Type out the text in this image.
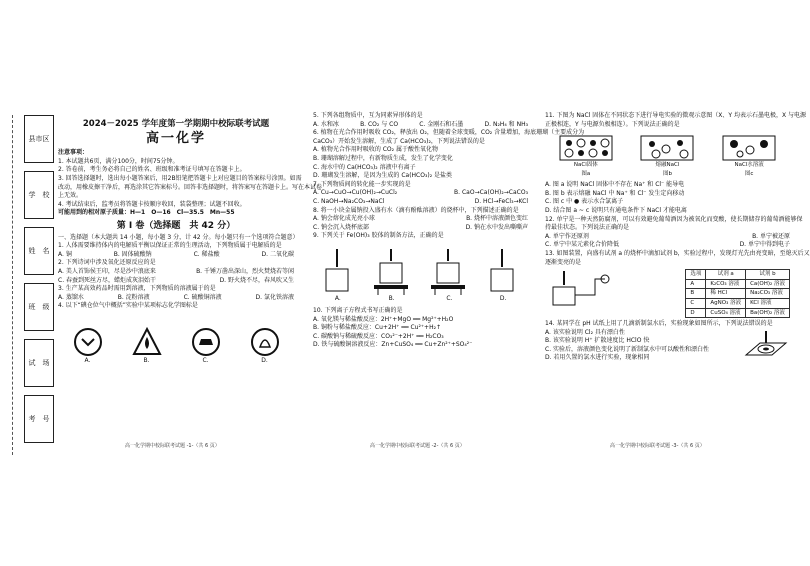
县市区
学　校
姓　名
班　级
试　场
考　号
2024－2025 学年度第一学期期中校际联考试题
高一化学

注意事项：

1. 本试题共6页，满分100分，时间75分钟。

2. 答卷前，考生务必将自己的姓名、班级和准考证号填写在答题卡上。

3. 回答选择题时，选出每小题答案后，用2B铅笔把答题卡上对应题目的答案标号涂黑。如需

改动，用橡皮擦干净后，再选涂其它答案标号。回答非选择题时，将答案写在答题卡上。写在本试卷

上无效。

4. 考试结束后，监考员将答题卡按顺序收回，装袋整理；试题不回收。

可能用到的相对原子质量：H—1　O—16　Cl—35.5　Mn—55

第 Ⅰ 卷（选择题　共 42 分）

一、选择题（本大题共 14 小题，每小题 3 分，计 42 分。每小题只有一个选项符合题意）

1. 人体需要维持体内的电解质平衡以保证正常的生理活动，下列物质属于电解质的是

A. 铜	B. 固体硫酸钠	C. 稀盐酸	D. 二氧化碳

2. 下列诗词中涉及氧化还原反应的是

A. 美人首饰侯王印，尽是沙中浪底来	B. 千锤万凿出深山，烈火焚烧若等闲
C. 春蚕到死丝方尽，蜡炬成灰泪始干	D. 野火烧不尽，春风吹又生

3. 生产某高效药品时需用到溶液，下列物质的溶液属于的是

A. 蒸馏水	B. 淀粉溶液	C. 硫酸铜溶液	D. 氯化铁溶液

4. 以下“碘仓位气中概括”实验中某项标志化学图标是

A.	B.	C.	D.
高一化学期中校际联考试题 -1-（共 6 页）

5. 下列各组物质中，互为同素异形体的是

A. 水和冰	B. CO₂ 与 CO	C. 金刚石和石墨	D. N₂H₄ 和 NH₃

6. 植物在光合作用时吸收 CO₂，释放出 O₂，但随着全球变暖，CO₂ 含量增加，海底珊瑚（主要成分为

CaCO₃）开始发生溶解，生成了 Ca(HCO₃)₂，下列说法错误的是

A. 植物光合作用时吸收的 CO₂ 属于酸性氧化物

B. 珊瑚溶解过程中，有新物质生成，发生了化学变化

C. 海水中的 Ca(HCO₃)₂ 溶液中有离子

D. 珊瑚发生溶解，是因为生成的 Ca(HCO₃)₂ 是盐类

7. 下列物质间的转化能一步实现的是

A. Cu→CuO→Cu(OH)₂→CuCl₂	B. CaO→Ca(OH)₂→CaCO₃
C. NaOH→Na₂CO₃→NaCl	D. HCl→FeCl₃→KCl

8. 将一小块金属钠投入盛有水（滴有酚酞溶液）的烧杯中，下列描述正确的是

A. 钠会熔化成光亮小球	B. 烧杯中溶液颜色变红
C. 钠会沉入烧杯底部	D. 钠在水中发出嘶嘶声

9. 下列关于 Fe(OH)₃ 胶体的制备方法，正确的是

A.	B.	C.	D.

10. 下列离子方程式书写正确的是

A. 氧化镁与稀盐酸反应：2H⁺+MgO ══ Mg²⁺+H₂O

B. 铜粉与稀盐酸反应：Cu+2H⁺ ══ Cu²⁺+H₂↑

C. 碳酸钠与稀硫酸反应：CO₃²⁻+2H⁺ ══ H₂CO₃

D. 铁与硫酸铜溶液反应：Zn+CuSO₄ ══ Cu+Zn²⁺+SO₄²⁻

高一化学期中校际联考试题 -2-（共 6 页）

11. 下图为 NaCl 固体在不同状态下进行导电实验的微观示意图（X、Y 均表示石墨电极，X 与电源

正极相连，Y 与电源负极相连）。下列说法正确的是

NaCl固体
图a
熔融NaCl
图b
NaCl水溶液
图c

A. 图 a 说明 NaCl 固体中不存在 Na⁺ 和 Cl⁻ 能导电

B. 图 b 表示熔融 NaCl 中 Na⁺ 和 Cl⁻ 发生定向移动

C. 图 c 中 ● 表示水合氯离子

D. 结合图 a ~ c 说明只有通电条件下 NaCl 才能电离

12. 单宁是一种天然防腐剂，可以有效避免葡萄酒因为被氧化而变酸，使长期储存的葡萄酒能够保

持最佳状态。下列说法正确的是

A. 单宁作还原剂	B. 单宁被还原
C. 单宁中某元素化合价降低	D. 单宁中得到电子

13. 如图装置，向盛有试剂 a 的烧杯中滴加试剂 b，实验过程中，发现灯光先由亮变暗，至熄灭后又

逐渐变亮的是

选项	试剂 a	试剂 b
A	K₂CO₃ 溶液	Ca(OH)₂ 溶液
B	稀 HCl	Na₂CO₃ 溶液
C	AgNO₃ 溶液	KCl 溶液
D	CuSO₄ 溶液	Ba(OH)₂ 溶液

14. 某同学在 pH 试纸上用了几滴新制氯水后，实验现象如图所示，下列说法错误的是

A. 该实验说明 Cl₂ 具有漂白性

B. 该实验说明 H⁺ 扩散速度比 HClO 快

C. 实验后，溶液颜色变化说明了新制氯水中可以酸性和漂白性

D. 若用久置的氯水进行实验，现象相同

高一化学期中校际联考试题 -3-（共 6 页）
